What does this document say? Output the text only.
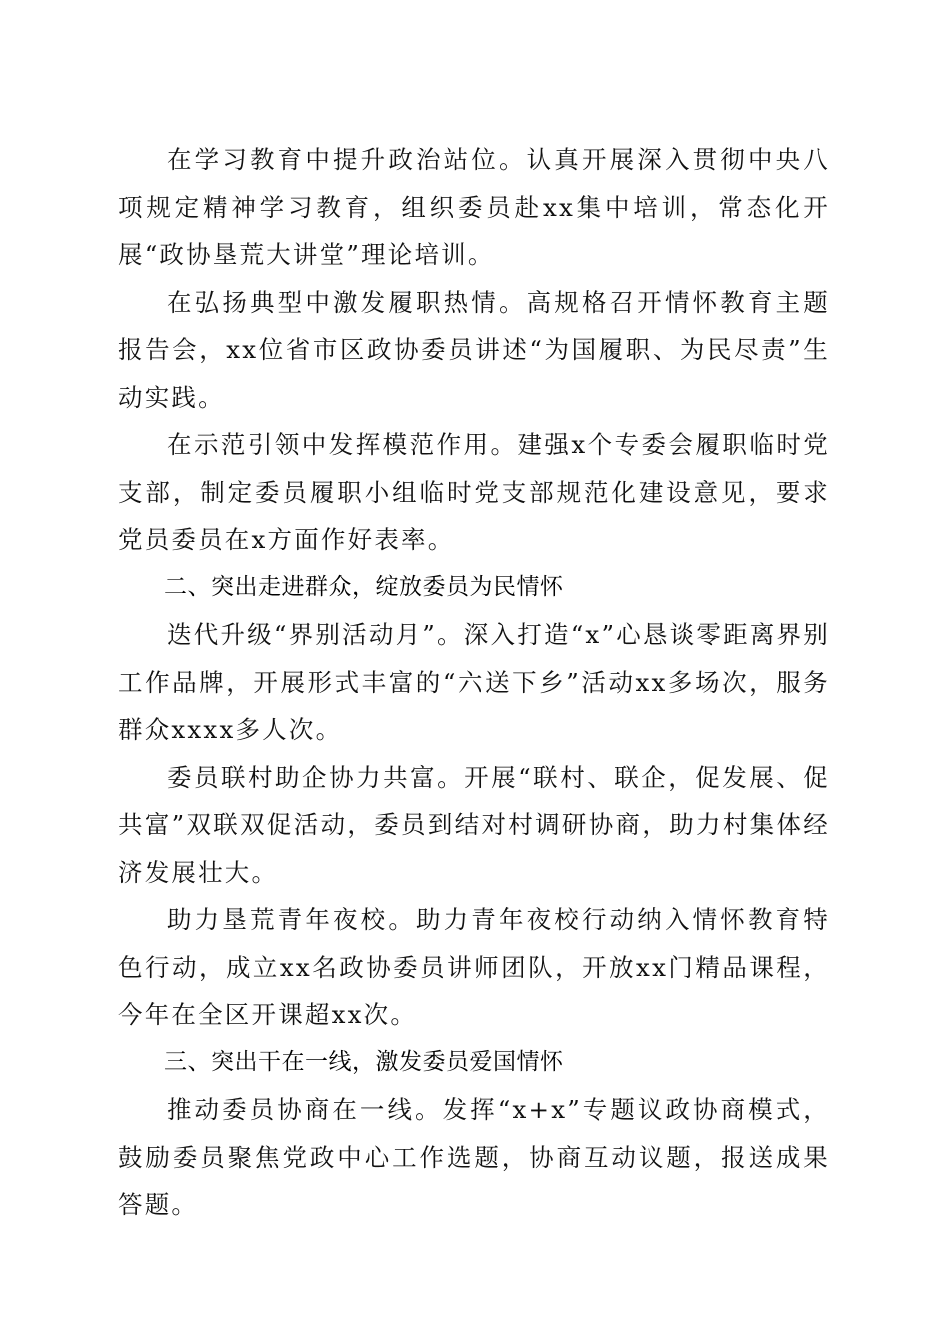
在学习教育中提升政治站位。认真开展深入贯彻中央八项规定精神学习教育，组织委员赴xx集中培训，常态化开展“政协垦荒大讲堂”理论培训。

在弘扬典型中激发履职热情。高规格召开情怀教育主题报告会，xx位省市区政协委员讲述“为国履职、为民尽责”生动实践。

在示范引领中发挥模范作用。建强x个专委会履职临时党支部，制定委员履职小组临时党支部规范化建设意见，要求党员委员在x方面作好表率。

二、突出走进群众，绽放委员为民情怀

迭代升级“界别活动月”。深入打造“x”心恳谈零距离界别工作品牌，开展形式丰富的“六送下乡”活动xx多场次，服务群众xxxx多人次。

委员联村助企协力共富。开展“联村、联企，促发展、促共富”双联双促活动，委员到结对村调研协商，助力村集体经济发展壮大。

助力垦荒青年夜校。助力青年夜校行动纳入情怀教育特色行动，成立xx名政协委员讲师团队，开放xx门精品课程，今年在全区开课超xx次。

三、突出干在一线，激发委员爱国情怀

推动委员协商在一线。发挥“x+x”专题议政协商模式，鼓励委员聚焦党政中心工作选题，协商互动议题，报送成果答题。
